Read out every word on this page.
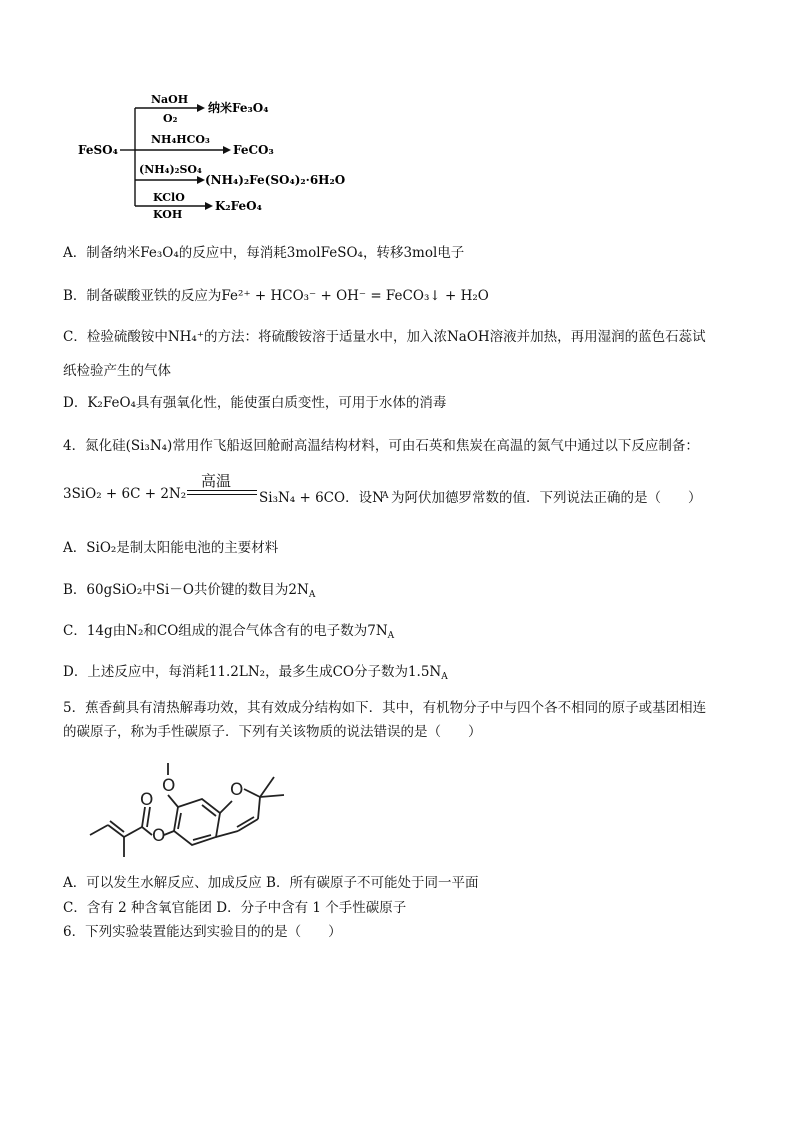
FeSO₄
NaOH
O₂
纳米Fe₃O₄
NH₄HCO₃
FeCO₃
(NH₄)₂SO₄
(NH₄)₂Fe(SO₄)₂·6H₂O
KClO
KOH
K₂FeO₄
A．制备纳米Fe₃O₄的反应中，每消耗3molFeSO₄，转移3mol电子
B．制备碳酸亚铁的反应为Fe²⁺ + HCO₃⁻ + OH⁻ = FeCO₃↓ + H₂O
C．检验硫酸铵中NH₄⁺的方法：将硫酸铵溶于适量水中，加入浓NaOH溶液并加热，再用湿润的蓝色石蕊试
纸检验产生的气体
D．K₂FeO₄具有强氧化性，能使蛋白质变性，可用于水体的消毒
4．氮化硅(Si₃N₄)常用作飞船返回舱耐高温结构材料，可由石英和焦炭在高温的氮气中通过以下反应制备：
3SiO₂ + 6C + 2N₂
高温
Si₃N₄ + 6CO．设N
A 为阿伏加德罗常数的值．下列说法正确的是（　　）
A．SiO₂是制太阳能电池的主要材料
B．60gSiO₂中Si－O共价键的数目为$2N_A$
C．14g由N₂和CO组成的混合气体含有的电子数为$7N_A$
D．上述反应中，每消耗11.2LN₂，最多生成CO分子数为$1.5N_A$
5．蕉香蓟具有清热解毒功效，其有效成分结构如下．其中，有机物分子中与四个各不相同的原子或基团相连
的碳原子，称为手性碳原子．下列有关该物质的说法错误的是（　　）
O	O
O
O
A．可以发生水解反应、加成反应 B．所有碳原子不可能处于同一平面
C．含有 2 种含氧官能团 D．分子中含有 1 个手性碳原子
6．下列实验装置能达到实验目的的是（　　）
